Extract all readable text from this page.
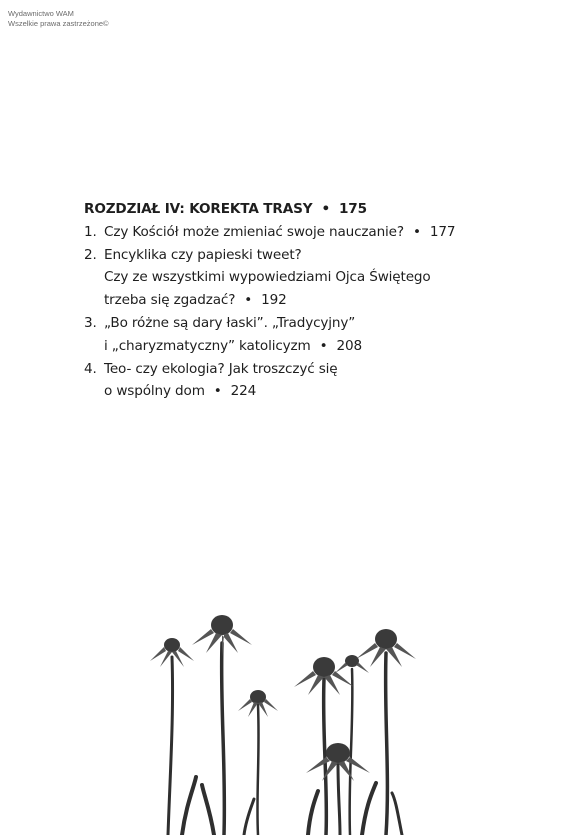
Wydawnictwo WAM
Wszelkie prawa zastrzeżone©
ROZDZIAŁ IV: KOREKTA TRASY • 175
1. Czy Kościół może zmieniać swoje nauczanie? • 177
2. Encyklika czy papieski tweet?
Czy ze wszystkimi wypowiedziami Ojca Świętego
trzeba się zgadzać? • 192
3. „Bo różne są dary łaski”. „Tradycyjny”
i „charyzmatyczny” katolicyzm • 208
4. Teo- czy ekologia? Jak troszczyć się
o wspólny dom • 224
